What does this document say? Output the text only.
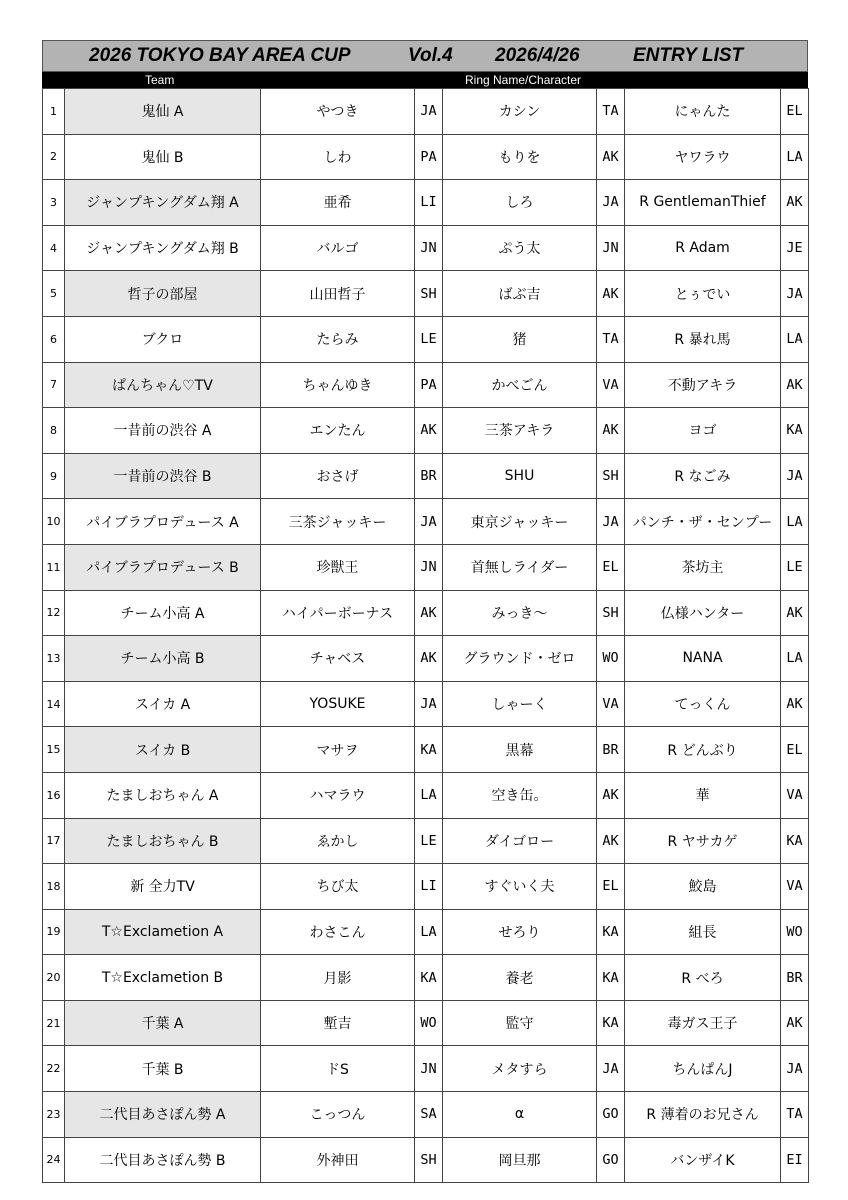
2026 TOKYO BAY AREA CUP	Vol.4 2026/4/26	ENTRY LIST
Team	Ring Name/Character
1	鬼仙 A	やつき	JA	カシン	TA	にゃんた	EL
2	鬼仙 B	しわ	PA	もりを	AK	ヤワラウ	LA
3	ジャンプキングダム翔 A	亜希	LI	しろ	JA	R GentlemanThief	AK
4	ジャンプキングダム翔 B	バルゴ	JN	ぷう太	JN	R Adam	JE
5	哲子の部屋	山田哲子	SH	ばぶ吉	AK	とぅでい	JA
6	ブクロ	たらみ	LE	猪	TA	R 暴れ馬	LA
7	ぱんちゃん♡TV	ちゃんゆき	PA	かべごん	VA	不動アキラ	AK
8	一昔前の渋谷 A	エンたん	AK	三茶アキラ	AK	ヨゴ	KA
9	一昔前の渋谷 B	おさげ	BR	SHU	SH	R なごみ	JA
10	パイブラプロデュース A	三茶ジャッキー	JA	東京ジャッキー	JA	パンチ・ザ・センプー	LA
11	パイブラプロデュース B	珍獣王	JN	首無しライダー	EL	茶坊主	LE
12	チーム小高 A	ハイパーボーナス	AK	みっき～	SH	仏様ハンター	AK
13	チーム小高 B	チャベス	AK	グラウンド・ゼロ	WO	NANA	LA
14	スイカ A	YOSUKE	JA	しゃーく	VA	てっくん	AK
15	スイカ B	マサヲ	KA	黒幕	BR	R どんぶり	EL
16	たましおちゃん A	ハマラウ	LA	空き缶。	AK	華	VA
17	たましおちゃん B	ゑかし	LE	ダイゴロー	AK	R ヤサカゲ	KA
18	新 全力TV	ちび太	LI	すぐいく夫	EL	鮫島	VA
19	T☆Exclametion A	わさこん	LA	せろり	KA	組長	WO
20	T☆Exclametion B	月影	KA	養老	KA	R べろ	BR
21	千葉 A	塹吉	WO	監守	KA	毒ガス王子	AK
22	千葉 B	ドS	JN	メタすら	JA	ちんぱんJ	JA
23	二代目あさぽん勢 A	こっつん	SA	α	GO	R 薄着のお兄さん	TA
24	二代目あさぽん勢 B	外神田	SH	岡旦那	GO	バンザイK	EI
